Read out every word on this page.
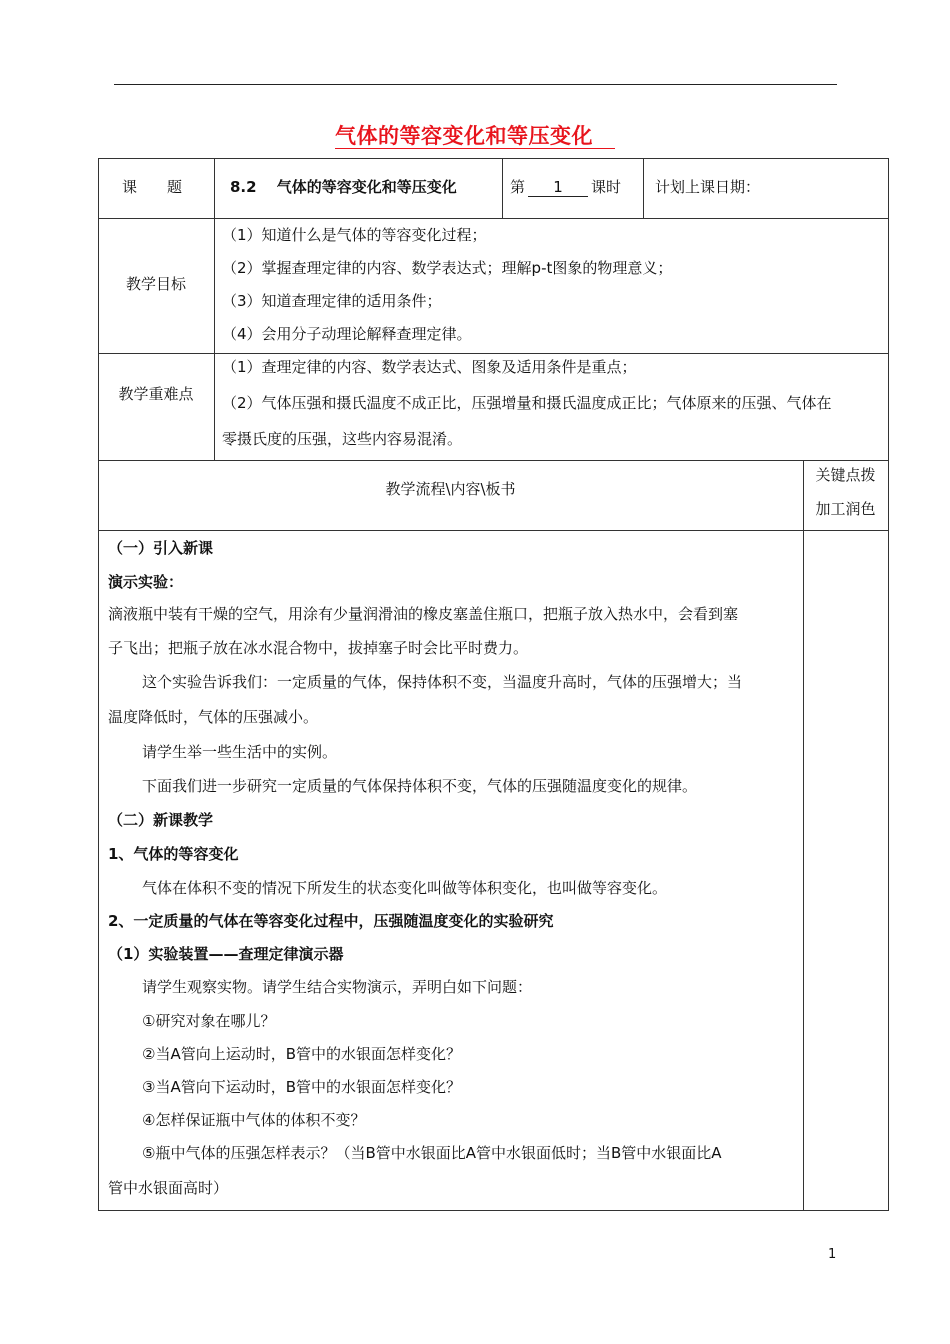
气体的等容变化和等压变化
课　　题	8.2　 气体的等容变化和等压变化	第 1 课时 计划上课日期：
教学目标
（1）知道什么是气体的等容变化过程；
（2）掌握查理定律的内容、数学表达式；理解p-t图象的物理意义；
（3）知道查理定律的适用条件；
（4）会用分子动理论解释查理定律。
教学重难点
（1）查理定律的内容、数学表达式、图象及适用条件是重点；
（2）气体压强和摄氏温度不成正比，压强增量和摄氏温度成正比；气体原来的压强、气体在
零摄氏度的压强，这些内容易混淆。
教学流程\内容\板书
关键点拨
加工润色
（一）引入新课
演示实验：
滴液瓶中装有干燥的空气，用涂有少量润滑油的橡皮塞盖住瓶口，把瓶子放入热水中，会看到塞
子飞出；把瓶子放在冰水混合物中，拔掉塞子时会比平时费力。
这个实验告诉我们：一定质量的气体，保持体积不变，当温度升高时，气体的压强增大；当
温度降低时，气体的压强减小。
请学生举一些生活中的实例。
下面我们进一步研究一定质量的气体保持体积不变，气体的压强随温度变化的规律。
（二）新课教学
1、气体的等容变化
气体在体积不变的情况下所发生的状态变化叫做等体积变化，也叫做等容变化。
2、一定质量的气体在等容变化过程中，压强随温度变化的实验研究
（1）实验装置——查理定律演示器
请学生观察实物。请学生结合实物演示，弄明白如下问题：
①研究对象在哪儿？
②当A管向上运动时，B管中的水银面怎样变化？
③当A管向下运动时，B管中的水银面怎样变化？
④怎样保证瓶中气体的体积不变？
⑤瓶中气体的压强怎样表示？（当B管中水银面比A管中水银面低时；当B管中水银面比A
管中水银面高时）
1
